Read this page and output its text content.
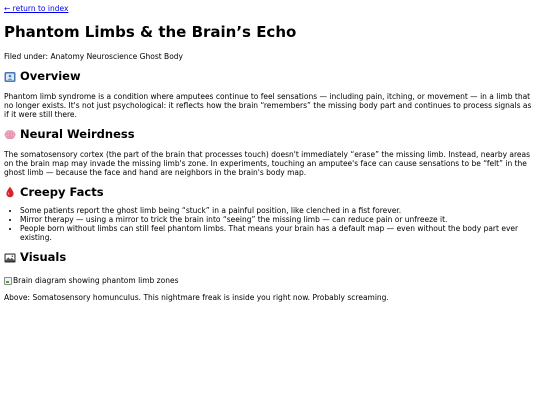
← return to index
Phantom Limbs & the Brain’s Echo
Filed under: Anatomy Neuroscience Ghost Body
Overview

Phantom limb syndrome is a condition where amputees continue to feel sensations — including pain, itching, or movement — in a limb that no longer exists. It's not just psychological: it reflects how the brain “remembers” the missing body part and continues to process signals as if it were still there.

Neural Weirdness

The somatosensory cortex (the part of the brain that processes touch) doesn't immediately “erase” the missing limb. Instead, nearby areas on the brain map may invade the missing limb's zone. In experiments, touching an amputee's face can cause sensations to be “felt” in the ghost limb — because the face and hand are neighbors in the brain's body map.

Creepy Facts
• Some patients report the ghost limb being “stuck” in a painful position, like clenched in a fist forever.
• Mirror therapy — using a mirror to trick the brain into “seeing” the missing limb — can reduce pain or unfreeze it.
• People born without limbs can still feel phantom limbs. That means your brain has a default map — even without the body part ever existing.
Visuals
Brain diagram showing phantom limb zones

Above: Somatosensory homunculus. This nightmare freak is inside you right now. Probably screaming.
